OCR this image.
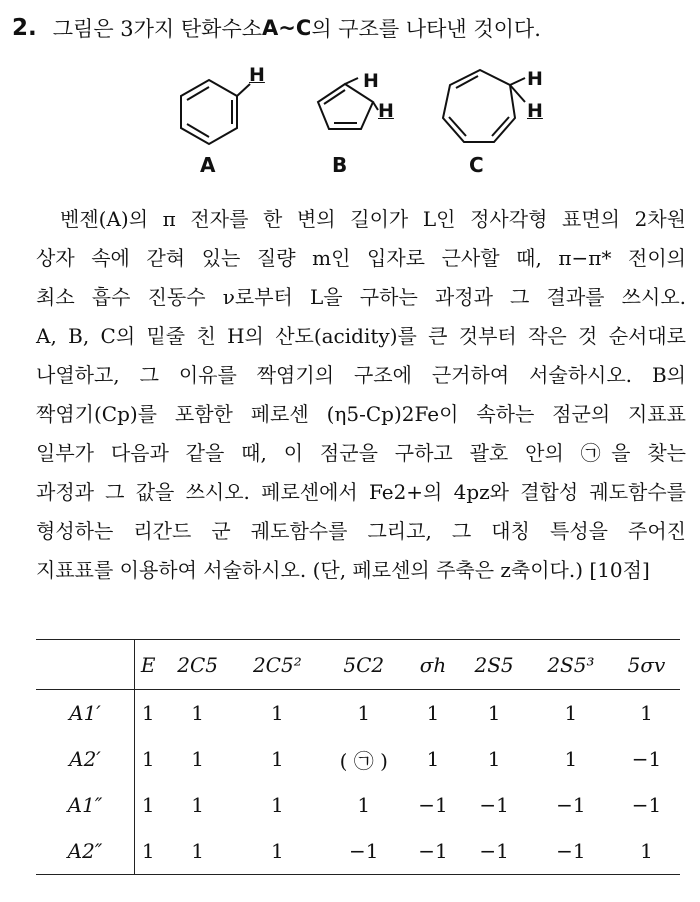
2. 그림은 3가지 탄화수소 A~C 의 구조를 나타낸 것이다.
H	H
H
H
H
A	B	C
벤젠(A)의 π 전자를 한 변의 길이가 L인 정사각형 표면의 2차원
상자 속에 갇혀 있는 질량 m인 입자로 근사할 때, π−π* 전이의
최소 흡수 진동수 ν로부터 L을 구하는 과정과 그 결과를 쓰시오.
A, B, C의 밑줄 친 H의 산도(acidity)를 큰 것부터 작은 것 순서대로
나열하고, 그 이유를 짝염기의 구조에 근거하여 서술하시오. B의
짝염기(Cp)를 포함한 페로센 (η5-Cp)2Fe이 속하는 점군의 지표표
일부가 다음과 같을 때, 이 점군을 구하고 괄호 안의 ㉠을 찾는
과정과 그 값을 쓰시오. 페로센에서 Fe2+의 4pz와 결합성 궤도함수를
형성하는 리간드 군 궤도함수를 그리고, 그 대칭 특성을 주어진
지표표를 이용하여 서술하시오. (단, 페로센의 주축은 z축이다.) [10점]
	E	2C5	2C5²	5C2	σh	2S5	2S5³	5σv
A1′	1	1	1	1	1	1	1	1
A2′	1	1	1	( ㉠ )	1	1	1	−1
A1″	1	1	1	1	−1	−1	−1	−1
A2″	1	1	1	−1	−1	−1	−1	1
